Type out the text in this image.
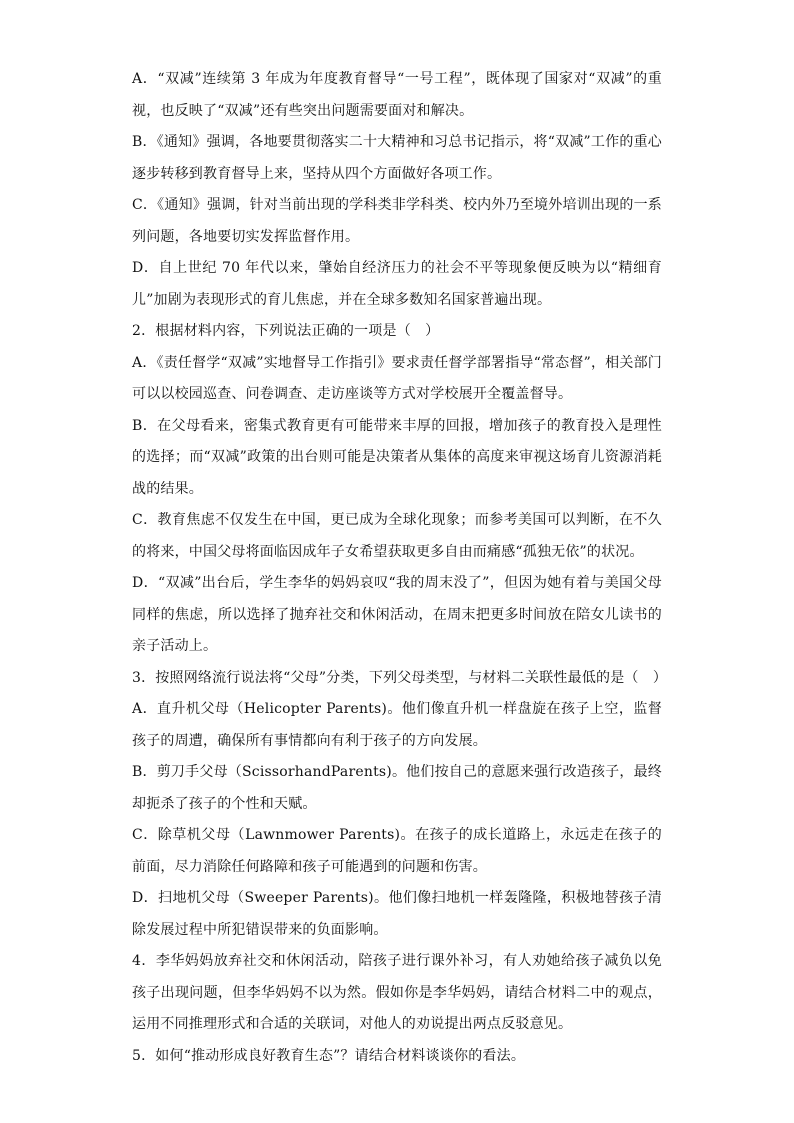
A．“双减”连续第 3 年成为年度教育督导“一号工程”，既体现了国家对“双减”的重视，也反映了“双减”还有些突出问题需要面对和解决。

B．《通知》强调，各地要贯彻落实二十大精神和习总书记指示，将“双减”工作的重心逐步转移到教育督导上来，坚持从四个方面做好各项工作。

C．《通知》强调，针对当前出现的学科类非学科类、校内外乃至境外培训出现的一系列问题，各地要切实发挥监督作用。

D．自上世纪 70 年代以来，肇始自经济压力的社会不平等现象便反映为以“精细育儿”加剧为表现形式的育儿焦虑，并在全球多数知名国家普遍出现。

2．根据材料内容，下列说法正确的一项是（　）

A．《责任督学“双减”实地督导工作指引》要求责任督学部署指导“常态督”，相关部门可以以校园巡查、问卷调查、走访座谈等方式对学校展开全覆盖督导。

B．在父母看来，密集式教育更有可能带来丰厚的回报，增加孩子的教育投入是理性的选择；而“双减”政策的出台则可能是决策者从集体的高度来审视这场育儿资源消耗战的结果。

C．教育焦虑不仅发生在中国，更已成为全球化现象；而参考美国可以判断，在不久的将来，中国父母将面临因成年子女希望获取更多自由而痛感“孤独无依”的状况。

D．“双减”出台后，学生李华的妈妈哀叹“我的周末没了”，但因为她有着与美国父母同样的焦虑，所以选择了抛弃社交和休闲活动，在周末把更多时间放在陪女儿读书的亲子活动上。

3．按照网络流行说法将“父母”分类，下列父母类型，与材料二关联性最低的是（　）

A．直升机父母（Helicopter Parents)。他们像直升机一样盘旋在孩子上空，监督孩子的周遭，确保所有事情都向有利于孩子的方向发展。

B．剪刀手父母（ScissorhandParents)。他们按自己的意愿来强行改造孩子，最终却扼杀了孩子的个性和天赋。

C．除草机父母（Lawnmower Parents)。在孩子的成长道路上，永远走在孩子的前面，尽力消除任何路障和孩子可能遇到的问题和伤害。

D．扫地机父母（Sweeper Parents)。他们像扫地机一样轰隆隆，积极地替孩子清除发展过程中所犯错误带来的负面影响。

4．李华妈妈放弃社交和休闲活动，陪孩子进行课外补习，有人劝她给孩子减负以免孩子出现问题，但李华妈妈不以为然。假如你是李华妈妈，请结合材料二中的观点，运用不同推理形式和合适的关联词，对他人的劝说提出两点反驳意见。

5．如何“推动形成良好教育生态”？请结合材料谈谈你的看法。
